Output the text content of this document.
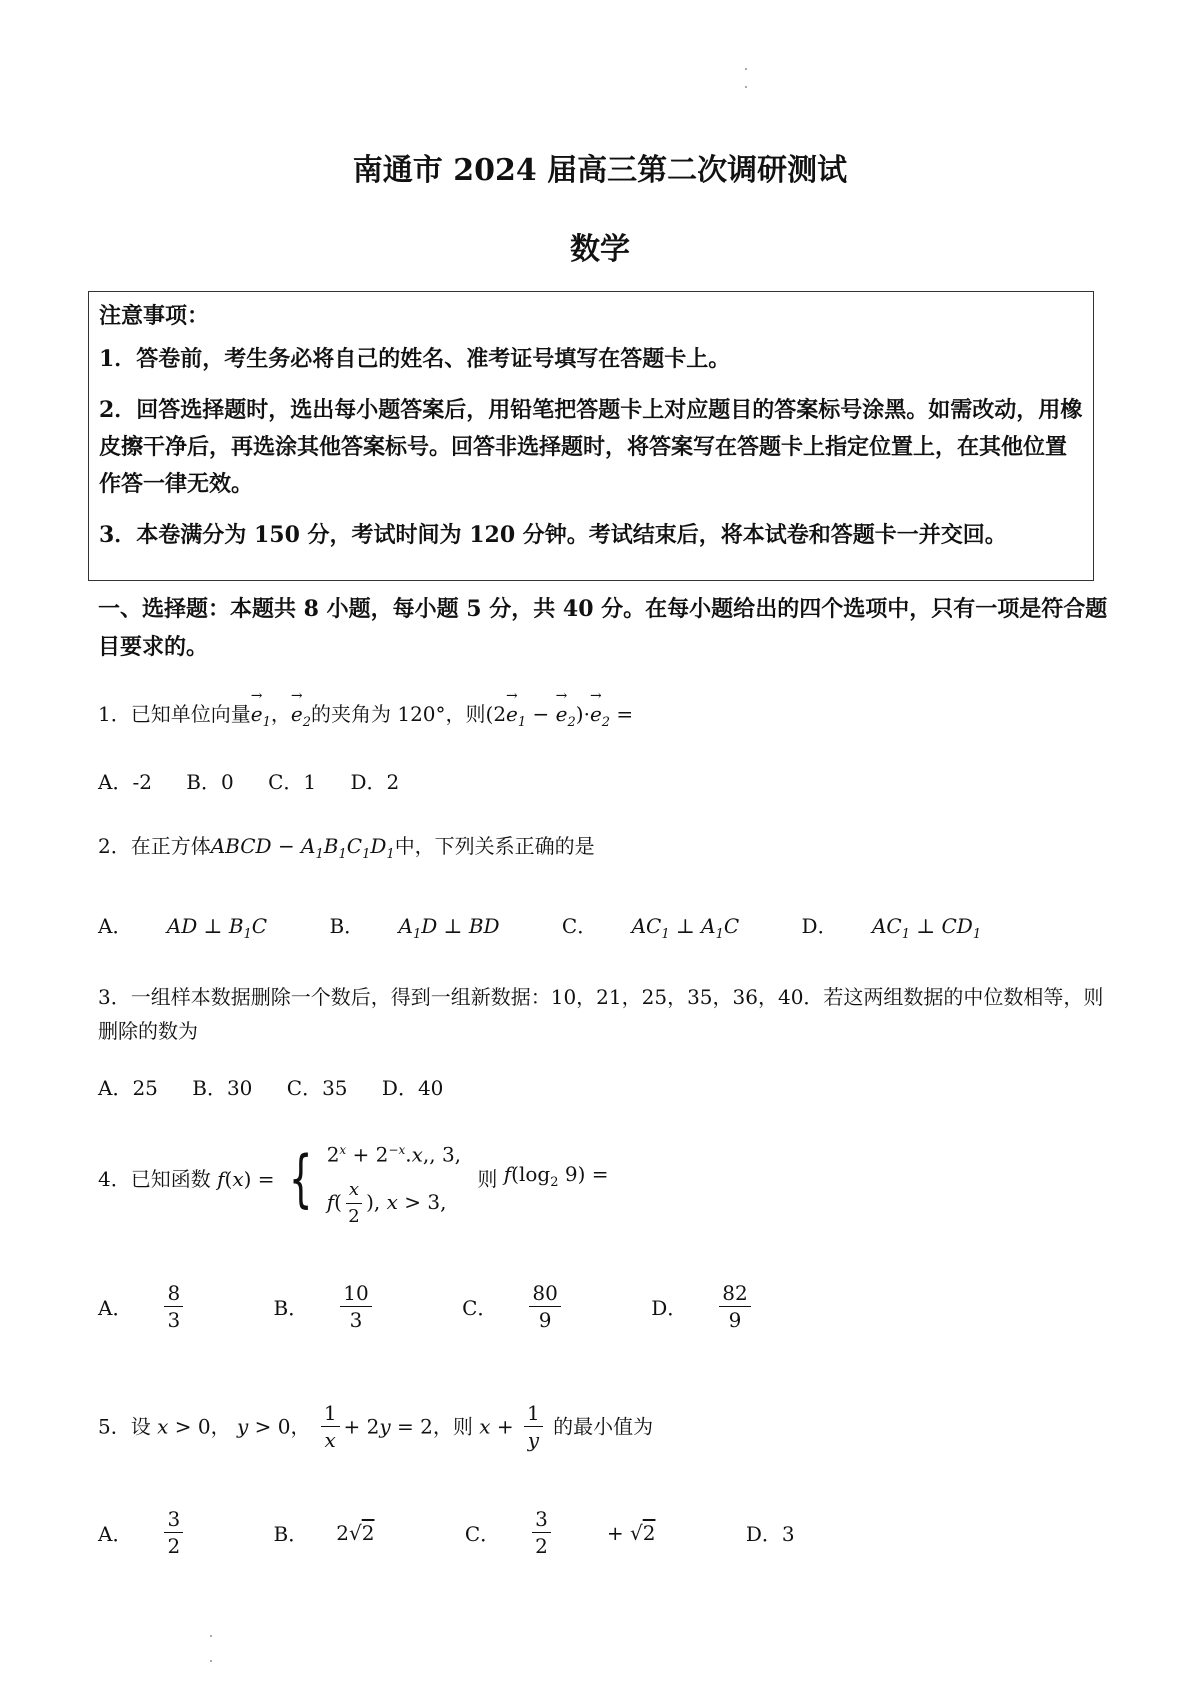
南通市 2024 届高三第二次调研测试
数学

注意事项：

1．答卷前，考生务必将自己的姓名、准考证号填写在答题卡上。

2．回答选择题时，选出每小题答案后，用铅笔把答题卡上对应题目的答案标号涂黑。如需改动，用橡皮擦干净后，再选涂其他答案标号。回答非选择题时，将答案写在答题卡上指定位置上，在其他位置作答一律无效。

3．本卷满分为 150 分，考试时间为 120 分钟。考试结束后，将本试卷和答题卡一并交回。

一、选择题：本题共 8 小题，每小题 5 分，共 40 分。在每小题给出的四个选项中，只有一项是符合题目要求的。
1．已知单位向量→ $e_1$，→ $e_2$的夹角为 120°，则($2\to e_1$ − → $e_2)\cdot\to e_2$ =
A．-2 B．0 C．1 D．2
2．在正方体ABCD − $A_1B_1C_1D_1$中，下列关系正确的是
A． AD ⊥ $B_1C$	B． $A_1D$ ⊥ BD	C． $AC_1$ ⊥ $A_1C$	D． $AC_1$ ⊥ $CD_1$
3．一组样本数据删除一个数后，得到一组新数据：10，21，25，35，36，40．若这两组数据的中位数相等，则删除的数为
A．25 B．30 C．35 D．40
4．已知函数 f(x) = { $2^x + 2^{-x}.x$,, 3,
$f( \frac{x}{2}$ ), x > 3,
则 $f(\log_2$ 9) =
A． $\frac{8}{3}$	B． $\frac{10}{3}$	C． $\frac{80}{9}$	D． $\frac{82}{9}$
5．设 x > 0， y > 0， $\frac{1}{x} + 2y = 2$，则 $x + \frac{1}{y}$ 的最小值为
A． $\frac{3}{2}$	B． 2√2	C． $\frac{3}{2} + √2$	D．3
